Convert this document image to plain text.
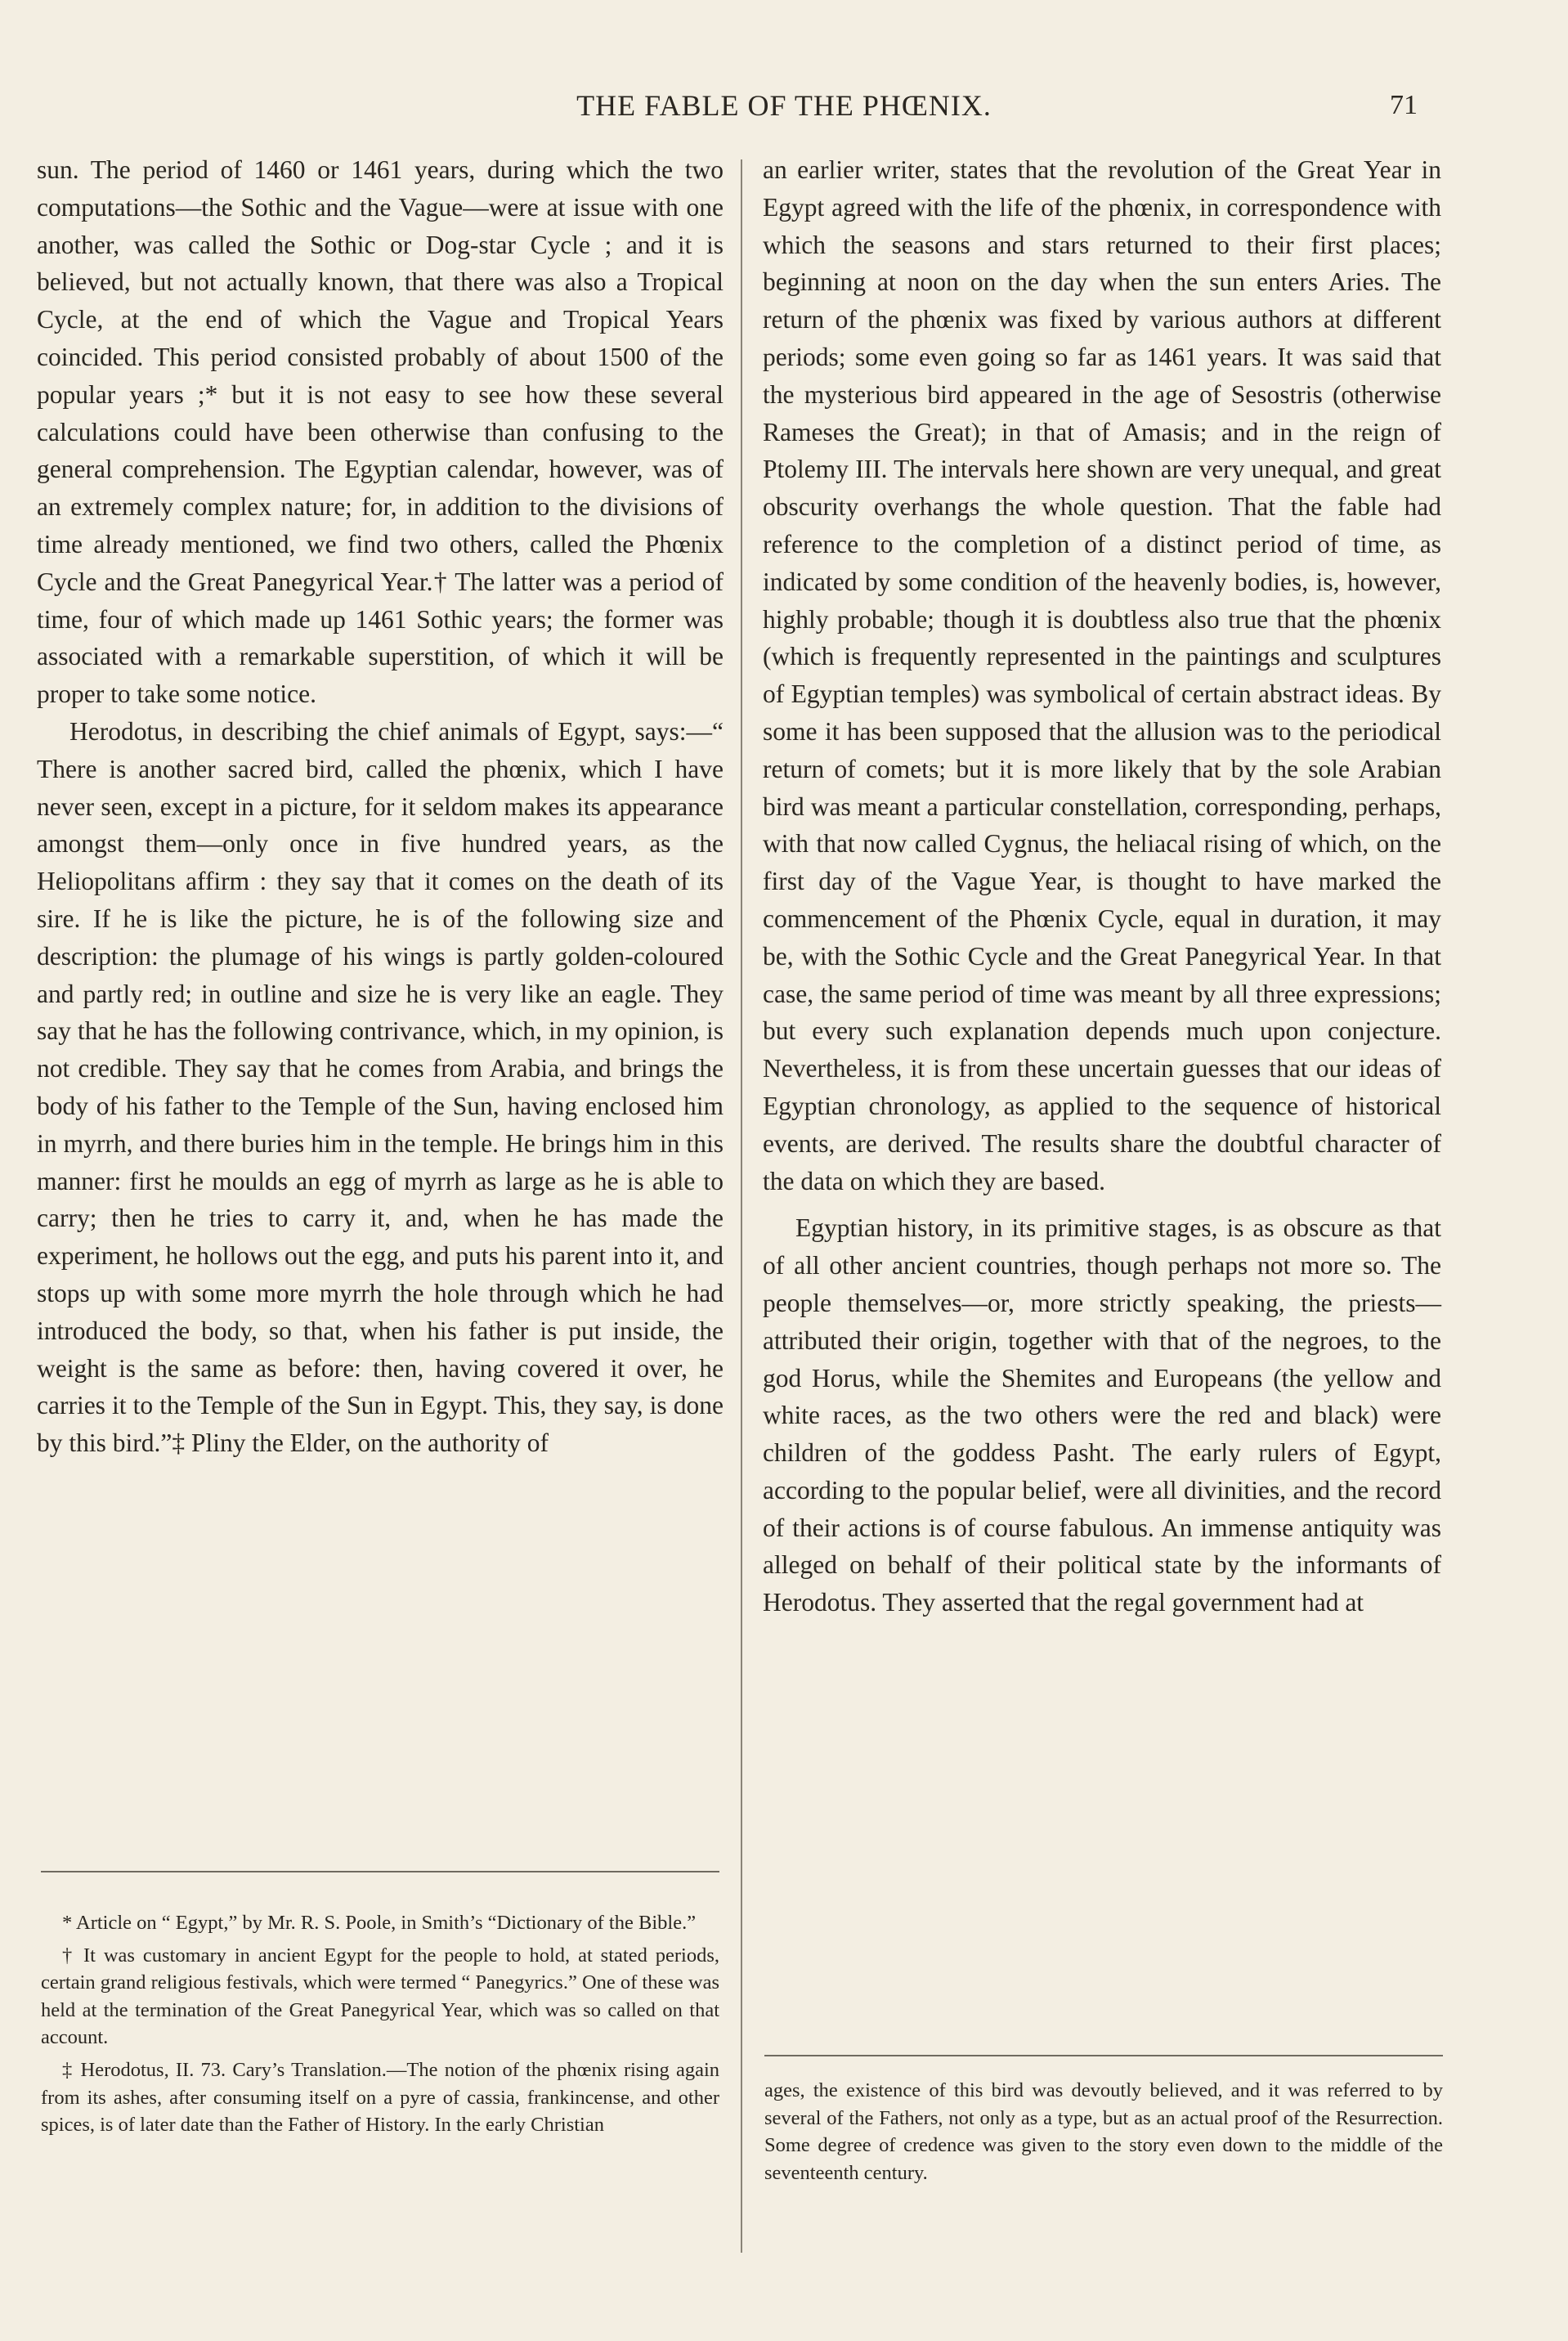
THE FABLE OF THE PHŒNIX.	71

sun. The period of 1460 or 1461 years, during which the two computations—the Sothic and the Vague—were at issue with one another, was called the Sothic or Dog-star Cycle ; and it is believed, but not actually known, that there was also a Tropical Cycle, at the end of which the Vague and Tropical Years coincided. This period consisted probably of about 1500 of the popular years ;* but it is not easy to see how these several calculations could have been otherwise than confusing to the general comprehension. The Egyptian calendar, however, was of an extremely complex nature; for, in addition to the divisions of time already mentioned, we find two others, called the Phœnix Cycle and the Great Panegyrical Year.† The latter was a period of time, four of which made up 1461 Sothic years; the former was associated with a remarkable superstition, of which it will be proper to take some notice.

Herodotus, in describing the chief animals of Egypt, says:—“ There is another sacred bird, called the phœnix, which I have never seen, except in a picture, for it seldom makes its appearance amongst them—only once in five hundred years, as the Heliopolitans affirm : they say that it comes on the death of its sire. If he is like the picture, he is of the following size and description: the plumage of his wings is partly golden-coloured and partly red; in outline and size he is very like an eagle. They say that he has the following contrivance, which, in my opinion, is not credible. They say that he comes from Arabia, and brings the body of his father to the Temple of the Sun, having enclosed him in myrrh, and there buries him in the temple. He brings him in this manner: first he moulds an egg of myrrh as large as he is able to carry; then he tries to carry it, and, when he has made the experiment, he hollows out the egg, and puts his parent into it, and stops up with some more myrrh the hole through which he had introduced the body, so that, when his father is put inside, the weight is the same as before: then, having covered it over, he carries it to the Temple of the Sun in Egypt. This, they say, is done by this bird.”‡ Pliny the Elder, on the authority of

an earlier writer, states that the revolution of the Great Year in Egypt agreed with the life of the phœnix, in correspondence with which the seasons and stars returned to their first places; beginning at noon on the day when the sun enters Aries. The return of the phœnix was fixed by various authors at different periods; some even going so far as 1461 years. It was said that the mysterious bird appeared in the age of Sesostris (otherwise Rameses the Great); in that of Amasis; and in the reign of Ptolemy III. The intervals here shown are very unequal, and great obscurity overhangs the whole question. That the fable had reference to the completion of a distinct period of time, as indicated by some condition of the heavenly bodies, is, however, highly probable; though it is doubtless also true that the phœnix (which is frequently represented in the paintings and sculptures of Egyptian temples) was symbolical of certain abstract ideas. By some it has been supposed that the allusion was to the periodical return of comets; but it is more likely that by the sole Arabian bird was meant a particular constellation, corresponding, perhaps, with that now called Cygnus, the heliacal rising of which, on the first day of the Vague Year, is thought to have marked the commencement of the Phœnix Cycle, equal in duration, it may be, with the Sothic Cycle and the Great Panegyrical Year. In that case, the same period of time was meant by all three expressions; but every such explanation depends much upon conjecture. Nevertheless, it is from these uncertain guesses that our ideas of Egyptian chronology, as applied to the sequence of historical events, are derived. The results share the doubtful character of the data on which they are based.

Egyptian history, in its primitive stages, is as obscure as that of all other ancient countries, though perhaps not more so. The people themselves—or, more strictly speaking, the priests—attributed their origin, together with that of the negroes, to the god Horus, while the Shemites and Europeans (the yellow and white races, as the two others were the red and black) were children of the goddess Pasht. The early rulers of Egypt, according to the popular belief, were all divinities, and the record of their actions is of course fabulous. An immense antiquity was alleged on behalf of their political state by the informants of Herodotus. They asserted that the regal government had at

* Article on “ Egypt,” by Mr. R. S. Poole, in Smith’s “Dictionary of the Bible.”

† It was customary in ancient Egypt for the people to hold, at stated periods, certain grand religious festivals, which were termed “ Panegyrics.” One of these was held at the termination of the Great Panegyrical Year, which was so called on that account.

‡ Herodotus, II. 73. Cary’s Translation.—The notion of the phœnix rising again from its ashes, after consuming itself on a pyre of cassia, frankincense, and other spices, is of later date than the Father of History. In the early Christian

ages, the existence of this bird was devoutly believed, and it was referred to by several of the Fathers, not only as a type, but as an actual proof of the Resurrection. Some degree of credence was given to the story even down to the middle of the seventeenth century.
